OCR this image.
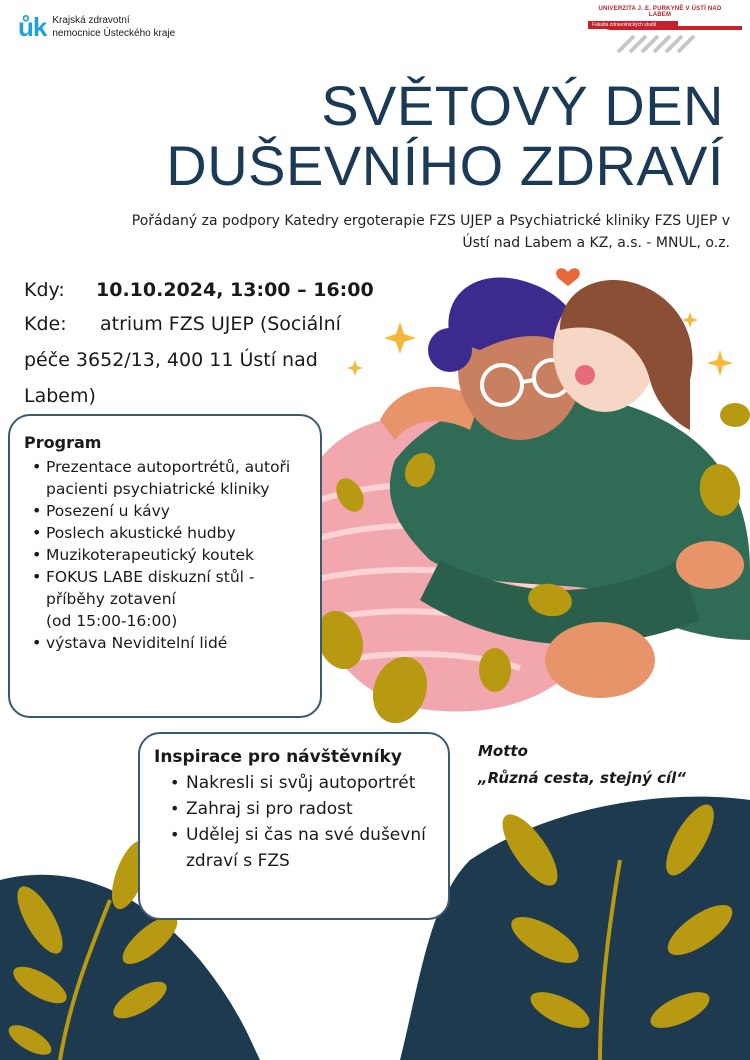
ůk Krajská zdravotní
nemocnice Ústeckého kraje
UNIVERZITA J. E. PURKYNĚ V ÚSTÍ NAD LABEM
Fakulta zdravotnických studií
SVĚTOVÝ DEN
DUŠEVNÍHO ZDRAVÍ
Pořádaný za podpory Katedry ergoterapie FZS UJEP a Psychiatrické kliniky FZS UJEP v
Ústí nad Labem a KZ, a.s. - MNUL, o.z.
Kdy: 10.10.2024, 13:00 – 16:00
Kde: atrium FZS UJEP (Sociální
péče 3652/13, 400 11 Ústí nad
Labem)
Program
• Prezentace autoportrétů, autoři pacienti psychiatrické kliniky
• Posezení u kávy
• Poslech akustické hudby
• Muzikoterapeutický koutek
• FOKUS LABE diskuzní stůl - příběhy zotavení
(od 15:00-16:00)
• výstava Neviditelní lidé
Inspirace pro návštěvníky
• Nakresli si svůj autoportrét
• Zahraj si pro radost
• Udělej si čas na své duševní zdraví s FZS
Motto
„Různá cesta, stejný cíl“
